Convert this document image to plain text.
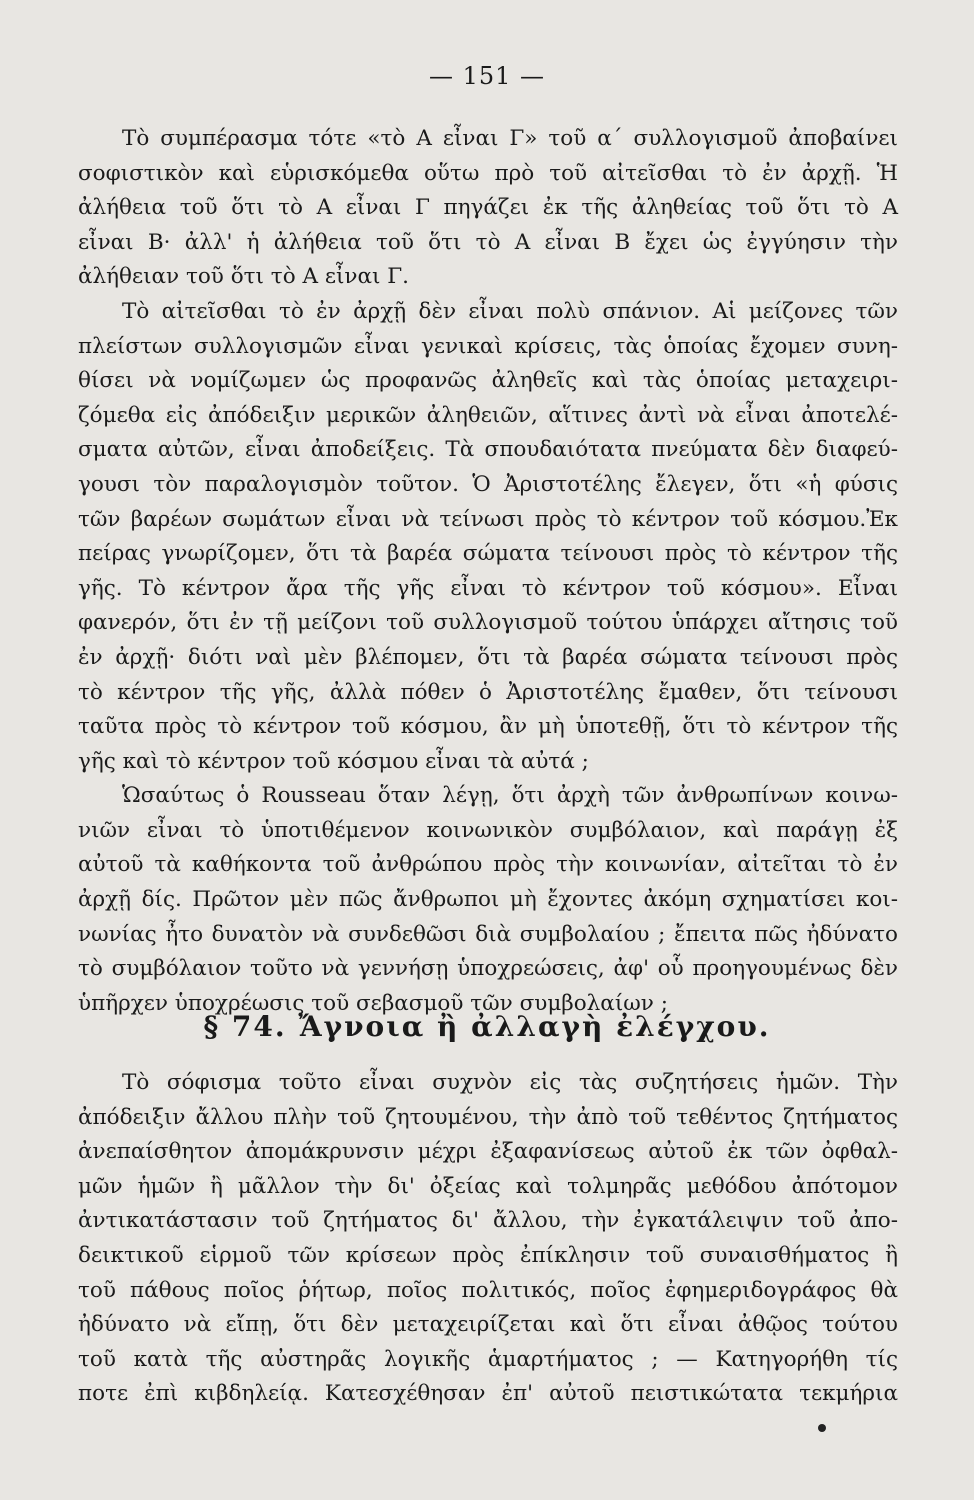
— 151 —
Τὸ συμπέρασμα τότε «τὸ Α εἶναι Γ» τοῦ α΄ συλλογισμοῦ ἀποβαίνει
σοφιστικὸν καὶ εὑρισκόμεθα οὕτω πρὸ τοῦ αἰτεῖσθαι τὸ ἐν ἀρχῇ. Ἡ
ἀλήθεια τοῦ ὅτι τὸ Α εἶναι Γ πηγάζει ἐκ τῆς ἀληθείας τοῦ ὅτι τὸ Α
εἶναι Β· ἀλλ' ἡ ἀλήθεια τοῦ ὅτι τὸ Α εἶναι Β ἔχει ὡς ἐγγύησιν τὴν
ἀλήθειαν τοῦ ὅτι τὸ Α εἶναι Γ.
Τὸ αἰτεῖσθαι τὸ ἐν ἀρχῇ δὲν εἶναι πολὺ σπάνιον. Αἱ μείζονες τῶν
πλείστων συλλογισμῶν εἶναι γενικαὶ κρίσεις, τὰς ὁποίας ἔχομεν συνη-
θίσει νὰ νομίζωμεν ὡς προφανῶς ἀληθεῖς καὶ τὰς ὁποίας μεταχειρι-
ζόμεθα εἰς ἀπόδειξιν μερικῶν ἀληθειῶν, αἵτινες ἀντὶ νὰ εἶναι ἀποτελέ-
σματα αὐτῶν, εἶναι ἀποδείξεις. Τὰ σπουδαιότατα πνεύματα δὲν διαφεύ-
γουσι τὸν παραλογισμὸν τοῦτον. Ὁ Ἀριστοτέλης ἔλεγεν, ὅτι «ἡ φύσις
τῶν βαρέων σωμάτων εἶναι νὰ τείνωσι πρὸς τὸ κέντρον τοῦ κόσμου.Ἐκ
πείρας γνωρίζομεν, ὅτι τὰ βαρέα σώματα τείνουσι πρὸς τὸ κέντρον τῆς
γῆς. Τὸ κέντρον ἄρα τῆς γῆς εἶναι τὸ κέντρον τοῦ κόσμου». Εἶναι
φανερόν, ὅτι ἐν τῇ μείζονι τοῦ συλλογισμοῦ τούτου ὑπάρχει αἴτησις τοῦ
ἐν ἀρχῇ· διότι ναὶ μὲν βλέπομεν, ὅτι τὰ βαρέα σώματα τείνουσι πρὸς
τὸ κέντρον τῆς γῆς, ἀλλὰ πόθεν ὁ Ἀριστοτέλης ἔμαθεν, ὅτι τείνουσι
ταῦτα πρὸς τὸ κέντρον τοῦ κόσμου, ἂν μὴ ὑποτεθῇ, ὅτι τὸ κέντρον τῆς
γῆς καὶ τὸ κέντρον τοῦ κόσμου εἶναι τὰ αὐτά ;
Ὡσαύτως ὁ Rousseau ὅταν λέγῃ, ὅτι ἀρχὴ τῶν ἀνθρωπίνων κοινω-
νιῶν εἶναι τὸ ὑποτιθέμενον κοινωνικὸν συμβόλαιον, καὶ παράγῃ ἐξ
αὐτοῦ τὰ καθήκοντα τοῦ ἀνθρώπου πρὸς τὴν κοινωνίαν, αἰτεῖται τὸ ἐν
ἀρχῇ δίς. Πρῶτον μὲν πῶς ἄνθρωποι μὴ ἔχοντες ἀκόμη σχηματίσει κοι-
νωνίας ἦτο δυνατὸν νὰ συνδεθῶσι διὰ συμβολαίου ; ἔπειτα πῶς ἠδύνατο
τὸ συμβόλαιον τοῦτο νὰ γεννήσῃ ὑποχρεώσεις, ἀφ' οὗ προηγουμένως δὲν
ὑπῆρχεν ὑποχρέωσις τοῦ σεβασμοῦ τῶν συμβολαίων ;
§ 74. Ἄγνοια ἢ ἀλλαγὴ ἐλέγχου.
Τὸ σόφισμα τοῦτο εἶναι συχνὸν εἰς τὰς συζητήσεις ἡμῶν. Τὴν
ἀπόδειξιν ἄλλου πλὴν τοῦ ζητουμένου, τὴν ἀπὸ τοῦ τεθέντος ζητήματος
ἀνεπαίσθητον ἀπομάκρυνσιν μέχρι ἐξαφανίσεως αὐτοῦ ἐκ τῶν ὀφθαλ-
μῶν ἡμῶν ἢ μᾶλλον τὴν δι' ὀξείας καὶ τολμηρᾶς μεθόδου ἀπότομον
ἀντικατάστασιν τοῦ ζητήματος δι' ἄλλου, τὴν ἐγκατάλειψιν τοῦ ἀπο-
δεικτικοῦ εἱρμοῦ τῶν κρίσεων πρὸς ἐπίκλησιν τοῦ συναισθήματος ἢ
τοῦ πάθους ποῖος ῥήτωρ, ποῖος πολιτικός, ποῖος ἐφημεριδογράφος θὰ
ἠδύνατο νὰ εἴπῃ, ὅτι δὲν μεταχειρίζεται καὶ ὅτι εἶναι ἀθῷος τούτου
τοῦ κατὰ τῆς αὐστηρᾶς λογικῆς ἁμαρτήματος ; — Κατηγορήθη τίς
ποτε ἐπὶ κιβδηλείᾳ. Κατεσχέθησαν ἐπ' αὐτοῦ πειστικώτατα τεκμήρια
